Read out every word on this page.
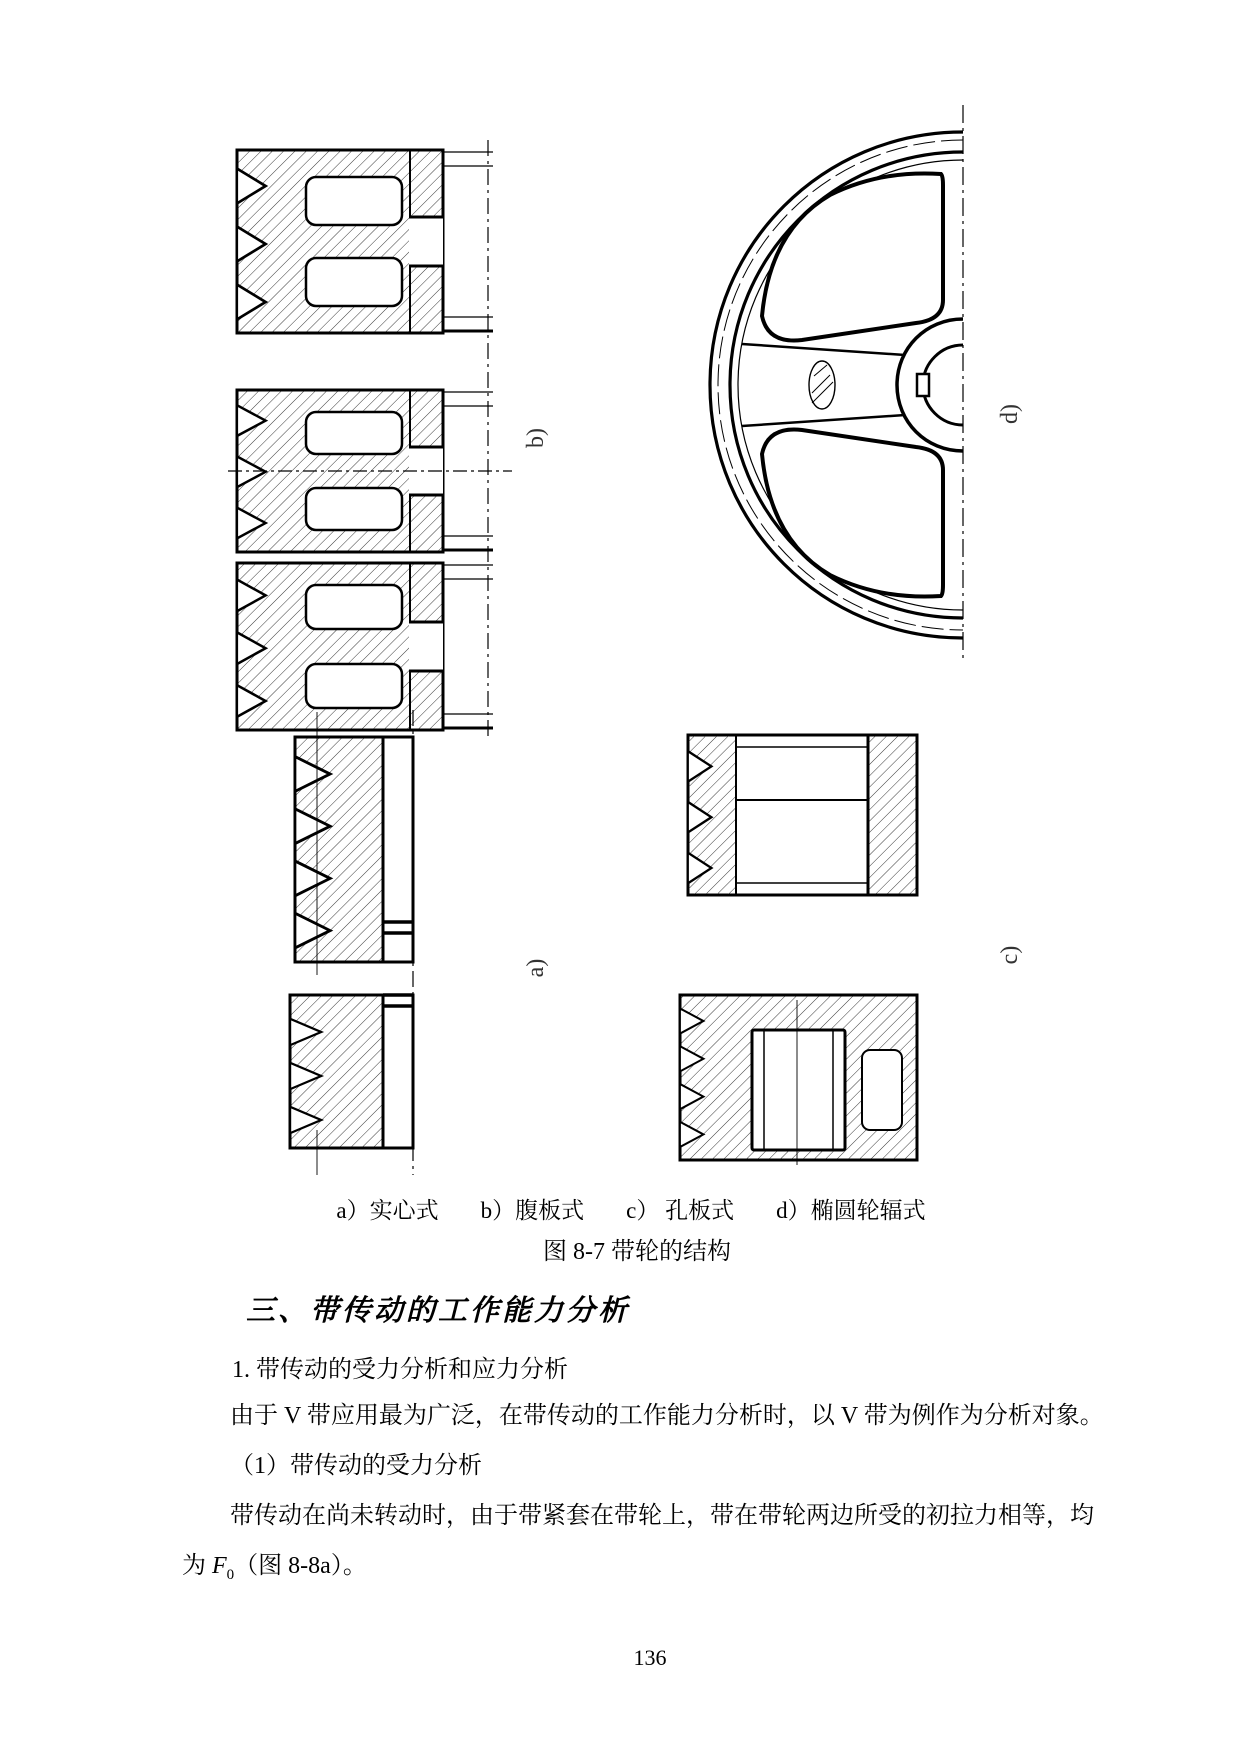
b)
d)
a)
c)
a）实心式 b）腹板式 c） 孔板式 d）椭圆轮辐式
图 8-7 带轮的结构
三、带传动的工作能力分析
1. 带传动的受力分析和应力分析
由于 V 带应用最为广泛，在带传动的工作能力分析时，以 V 带为例作为分析对象。
（1）带传动的受力分析
带传动在尚未转动时，由于带紧套在带轮上，带在带轮两边所受的初拉力相等，均
为 $F_0$（图 8-8a）。
136
